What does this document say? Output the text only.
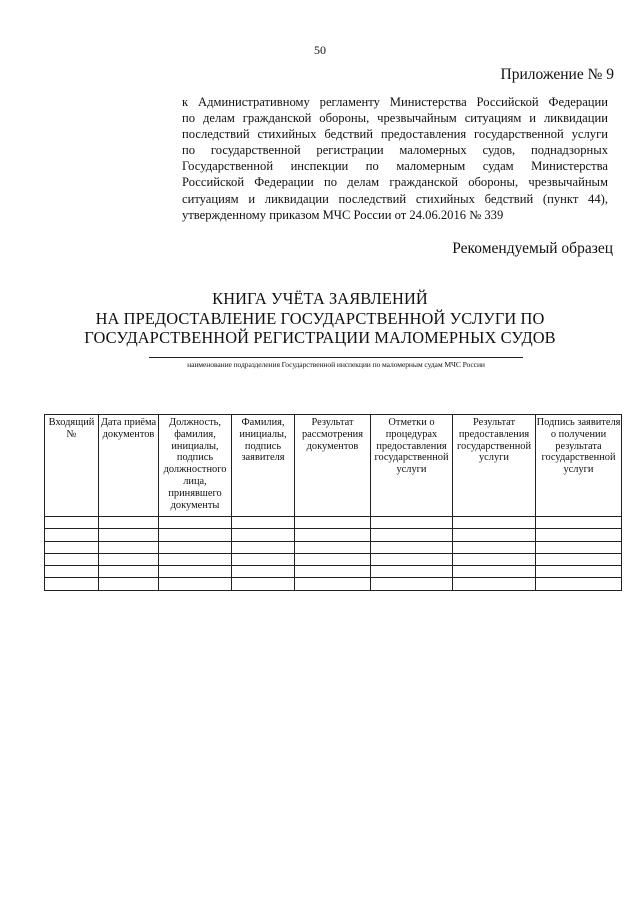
50
Приложение № 9
к Административному регламенту Министерства Российской Федерации
по делам гражданской обороны, чрезвычайным ситуациям и ликвидации
последствий стихийных бедствий предоставления государственной услуги
по государственной регистрации маломерных судов, поднадзорных
Государственной инспекции по маломерным судам Министерства
Российской Федерации по делам гражданской обороны, чрезвычайным
ситуациям и ликвидации последствий стихийных бедствий (пункт 44),
утвержденному приказом МЧС России от 24.06.2016 № 339
Рекомендуемый образец
КНИГА УЧЁТА ЗАЯВЛЕНИЙ
НА ПРЕДОСТАВЛЕНИЕ ГОСУДАРСТВЕННОЙ УСЛУГИ ПО
ГОСУДАРСТВЕННОЙ РЕГИСТРАЦИИ МАЛОМЕРНЫХ СУДОВ
наименование подразделения Государственной инспекции по маломерным судам МЧС России
Входящий №	Дата приёма документов	Должность, фамилия, инициалы, подпись должностного лица, принявшего документы	Фамилия, инициалы, подпись заявителя	Результат рассмотрения документов	Отметки о процедурах предоставления государственной услуги	Результат предоставления государственной услуги	Подпись заявителя о получении результата государственной услуги
